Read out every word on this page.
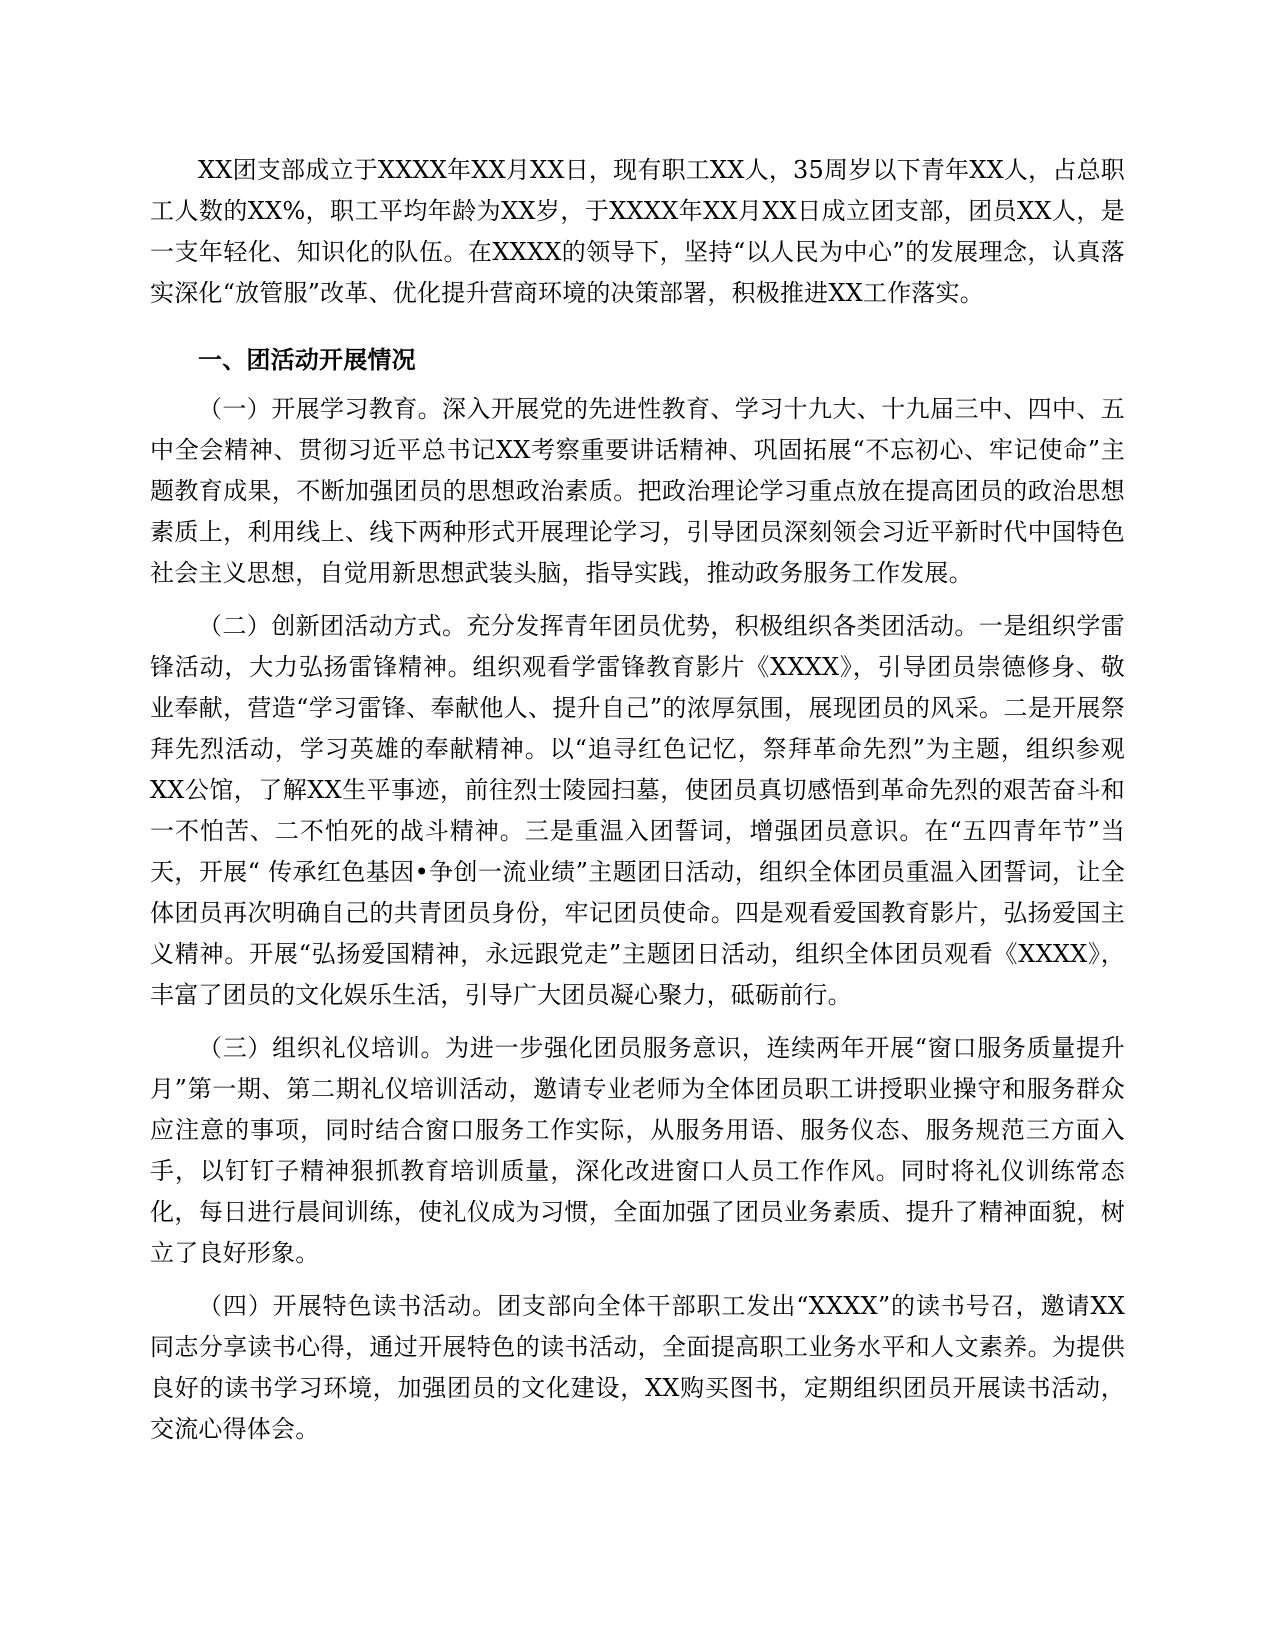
XX团支部成立于XXXX年XX月XX日，现有职工XX人，35周岁以下青年XX人，占总职工人数的XX%，职工平均年龄为XX岁，于XXXX年XX月XX日成立团支部，团员XX人，是一支年轻化、知识化的队伍。在XXXX的领导下，坚持“以人民为中心”的发展理念，认真落实深化“放管服”改革、优化提升营商环境的决策部署，积极推进XX工作落实。

一、团活动开展情况

（一）开展学习教育。深入开展党的先进性教育、学习十九大、十九届三中、四中、五中全会精神、贯彻习近平总书记XX考察重要讲话精神、巩固拓展“不忘初心、牢记使命”主题教育成果，不断加强团员的思想政治素质。把政治理论学习重点放在提高团员的政治思想素质上，利用线上、线下两种形式开展理论学习，引导团员深刻领会习近平新时代中国特色社会主义思想，自觉用新思想武装头脑，指导实践，推动政务服务工作发展。

（二）创新团活动方式。充分发挥青年团员优势，积极组织各类团活动。一是组织学雷锋活动，大力弘扬雷锋精神。组织观看学雷锋教育影片《XXXX》，引导团员崇德修身、敬业奉献，营造“学习雷锋、奉献他人、提升自己”的浓厚氛围，展现团员的风采。二是开展祭拜先烈活动，学习英雄的奉献精神。以“追寻红色记忆，祭拜革命先烈”为主题，组织参观XX公馆，了解XX生平事迹，前往烈士陵园扫墓，使团员真切感悟到革命先烈的艰苦奋斗和一不怕苦、二不怕死的战斗精神。三是重温入团誓词，增强团员意识。在“五四青年节”当天，开展“ 传承红色基因•争创一流业绩”主题团日活动，组织全体团员重温入团誓词，让全体团员再次明确自己的共青团员身份，牢记团员使命。四是观看爱国教育影片，弘扬爱国主义精神。开展“弘扬爱国精神，永远跟党走”主题团日活动，组织全体团员观看《XXXX》，丰富了团员的文化娱乐生活，引导广大团员凝心聚力，砥砺前行。

（三）组织礼仪培训。为进一步强化团员服务意识，连续两年开展“窗口服务质量提升月”第一期、第二期礼仪培训活动，邀请专业老师为全体团员职工讲授职业操守和服务群众应注意的事项，同时结合窗口服务工作实际，从服务用语、服务仪态、服务规范三方面入手，以钉钉子精神狠抓教育培训质量，深化改进窗口人员工作作风。同时将礼仪训练常态化，每日进行晨间训练，使礼仪成为习惯，全面加强了团员业务素质、提升了精神面貌，树立了良好形象。

（四）开展特色读书活动。团支部向全体干部职工发出“XXXX”的读书号召，邀请XX同志分享读书心得，通过开展特色的读书活动，全面提高职工业务水平和人文素养。为提供良好的读书学习环境，加强团员的文化建设，XX购买图书，定期组织团员开展读书活动，交流心得体会。
